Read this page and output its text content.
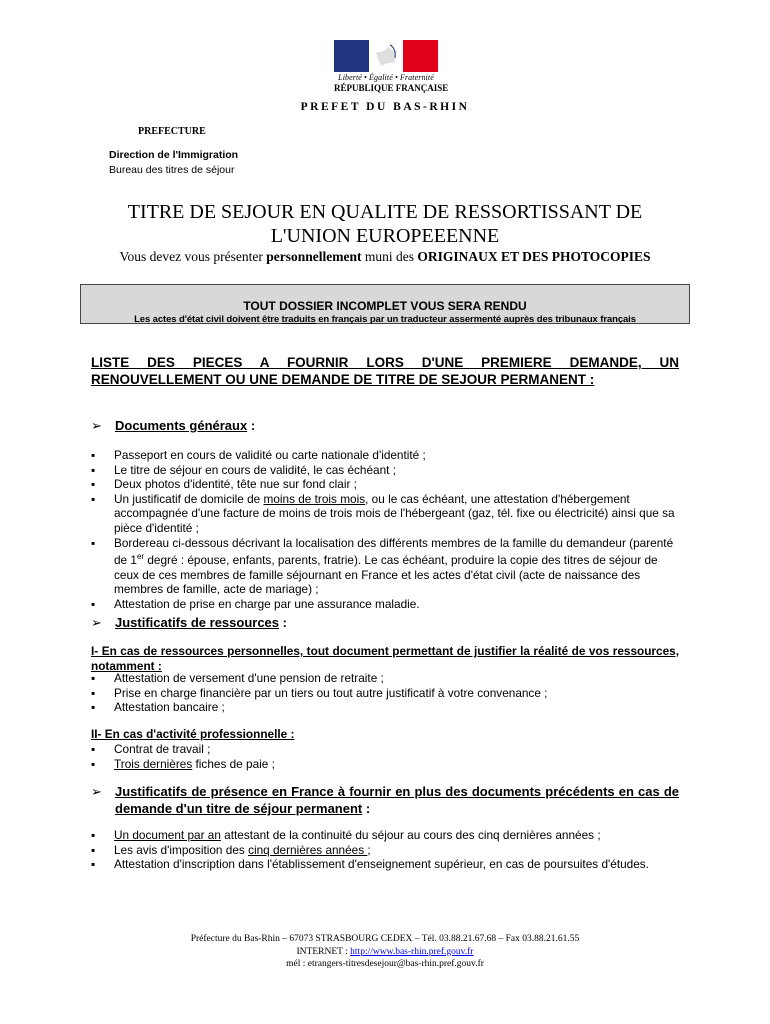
Liberté • Égalité • Fraternité
RÉPUBLIQUE FRANÇAISE
PREFET DU BAS-RHIN
PREFECTURE
Direction de l'Immigration
Bureau des titres de séjour
TITRE DE SEJOUR EN QUALITE DE RESSORTISSANT DE
L'UNION EUROPEEENNE
Vous devez vous présenter personnellement muni des ORIGINAUX ET DES PHOTOCOPIES
TOUT DOSSIER INCOMPLET VOUS SERA RENDU
Les actes d'état civil doivent être traduits en français par un traducteur assermenté auprès des tribunaux français
LISTE DES PIECES A FOURNIR LORS D'UNE PREMIERE DEMANDE, UN RENOUVELLEMENT OU UNE DEMANDE DE TITRE DE SEJOUR PERMANENT :
➢ Documents généraux :
▪ Passeport en cours de validité ou carte nationale d'identité ;
▪ Le titre de séjour en cours de validité, le cas échéant ;
▪ Deux photos d'identité, tête nue sur fond clair ;
▪ Un justificatif de domicile de moins de trois mois, ou le cas échéant, une attestation d'hébergement accompagnée d'une facture de moins de trois mois de l'hébergeant (gaz, tél. fixe ou électricité) ainsi que sa pièce d'identité ;
▪ Bordereau ci-dessous décrivant la localisation des différents membres de la famille du demandeur (parenté de 1er degré : épouse, enfants, parents, fratrie). Le cas échéant, produire la copie des titres de séjour de ceux de ces membres de famille séjournant en France et les actes d'état civil (acte de naissance des membres de famille, acte de mariage) ;
▪ Attestation de prise en charge par une assurance maladie.
➢ Justificatifs de ressources :
I- En cas de ressources personnelles, tout document permettant de justifier la réalité de vos ressources, notamment :
▪ Attestation de versement d'une pension de retraite ;
▪ Prise en charge financière par un tiers ou tout autre justificatif à votre convenance ;
▪ Attestation bancaire ;
II- En cas d'activité professionnelle :
▪ Contrat de travail ;
▪ Trois dernières fiches de paie ;
➢ Justificatifs de présence en France à fournir en plus des documents précédents en cas de demande d'un titre de séjour permanent :
▪ Un document par an attestant de la continuité du séjour au cours des cinq dernières années ;
▪ Les avis d'imposition des cinq dernières années ;
▪ Attestation d'inscription dans l'établissement d'enseignement supérieur, en cas de poursuites d'études.
Préfecture du Bas-Rhin – 67073 STRASBOURG CEDEX – Tél. 03.88.21.67.68 – Fax 03.88.21.61.55
INTERNET : http://www.bas-rhin.pref.gouv.fr
mél : etrangers-titresdesejour@bas-rhin.pref.gouv.fr
